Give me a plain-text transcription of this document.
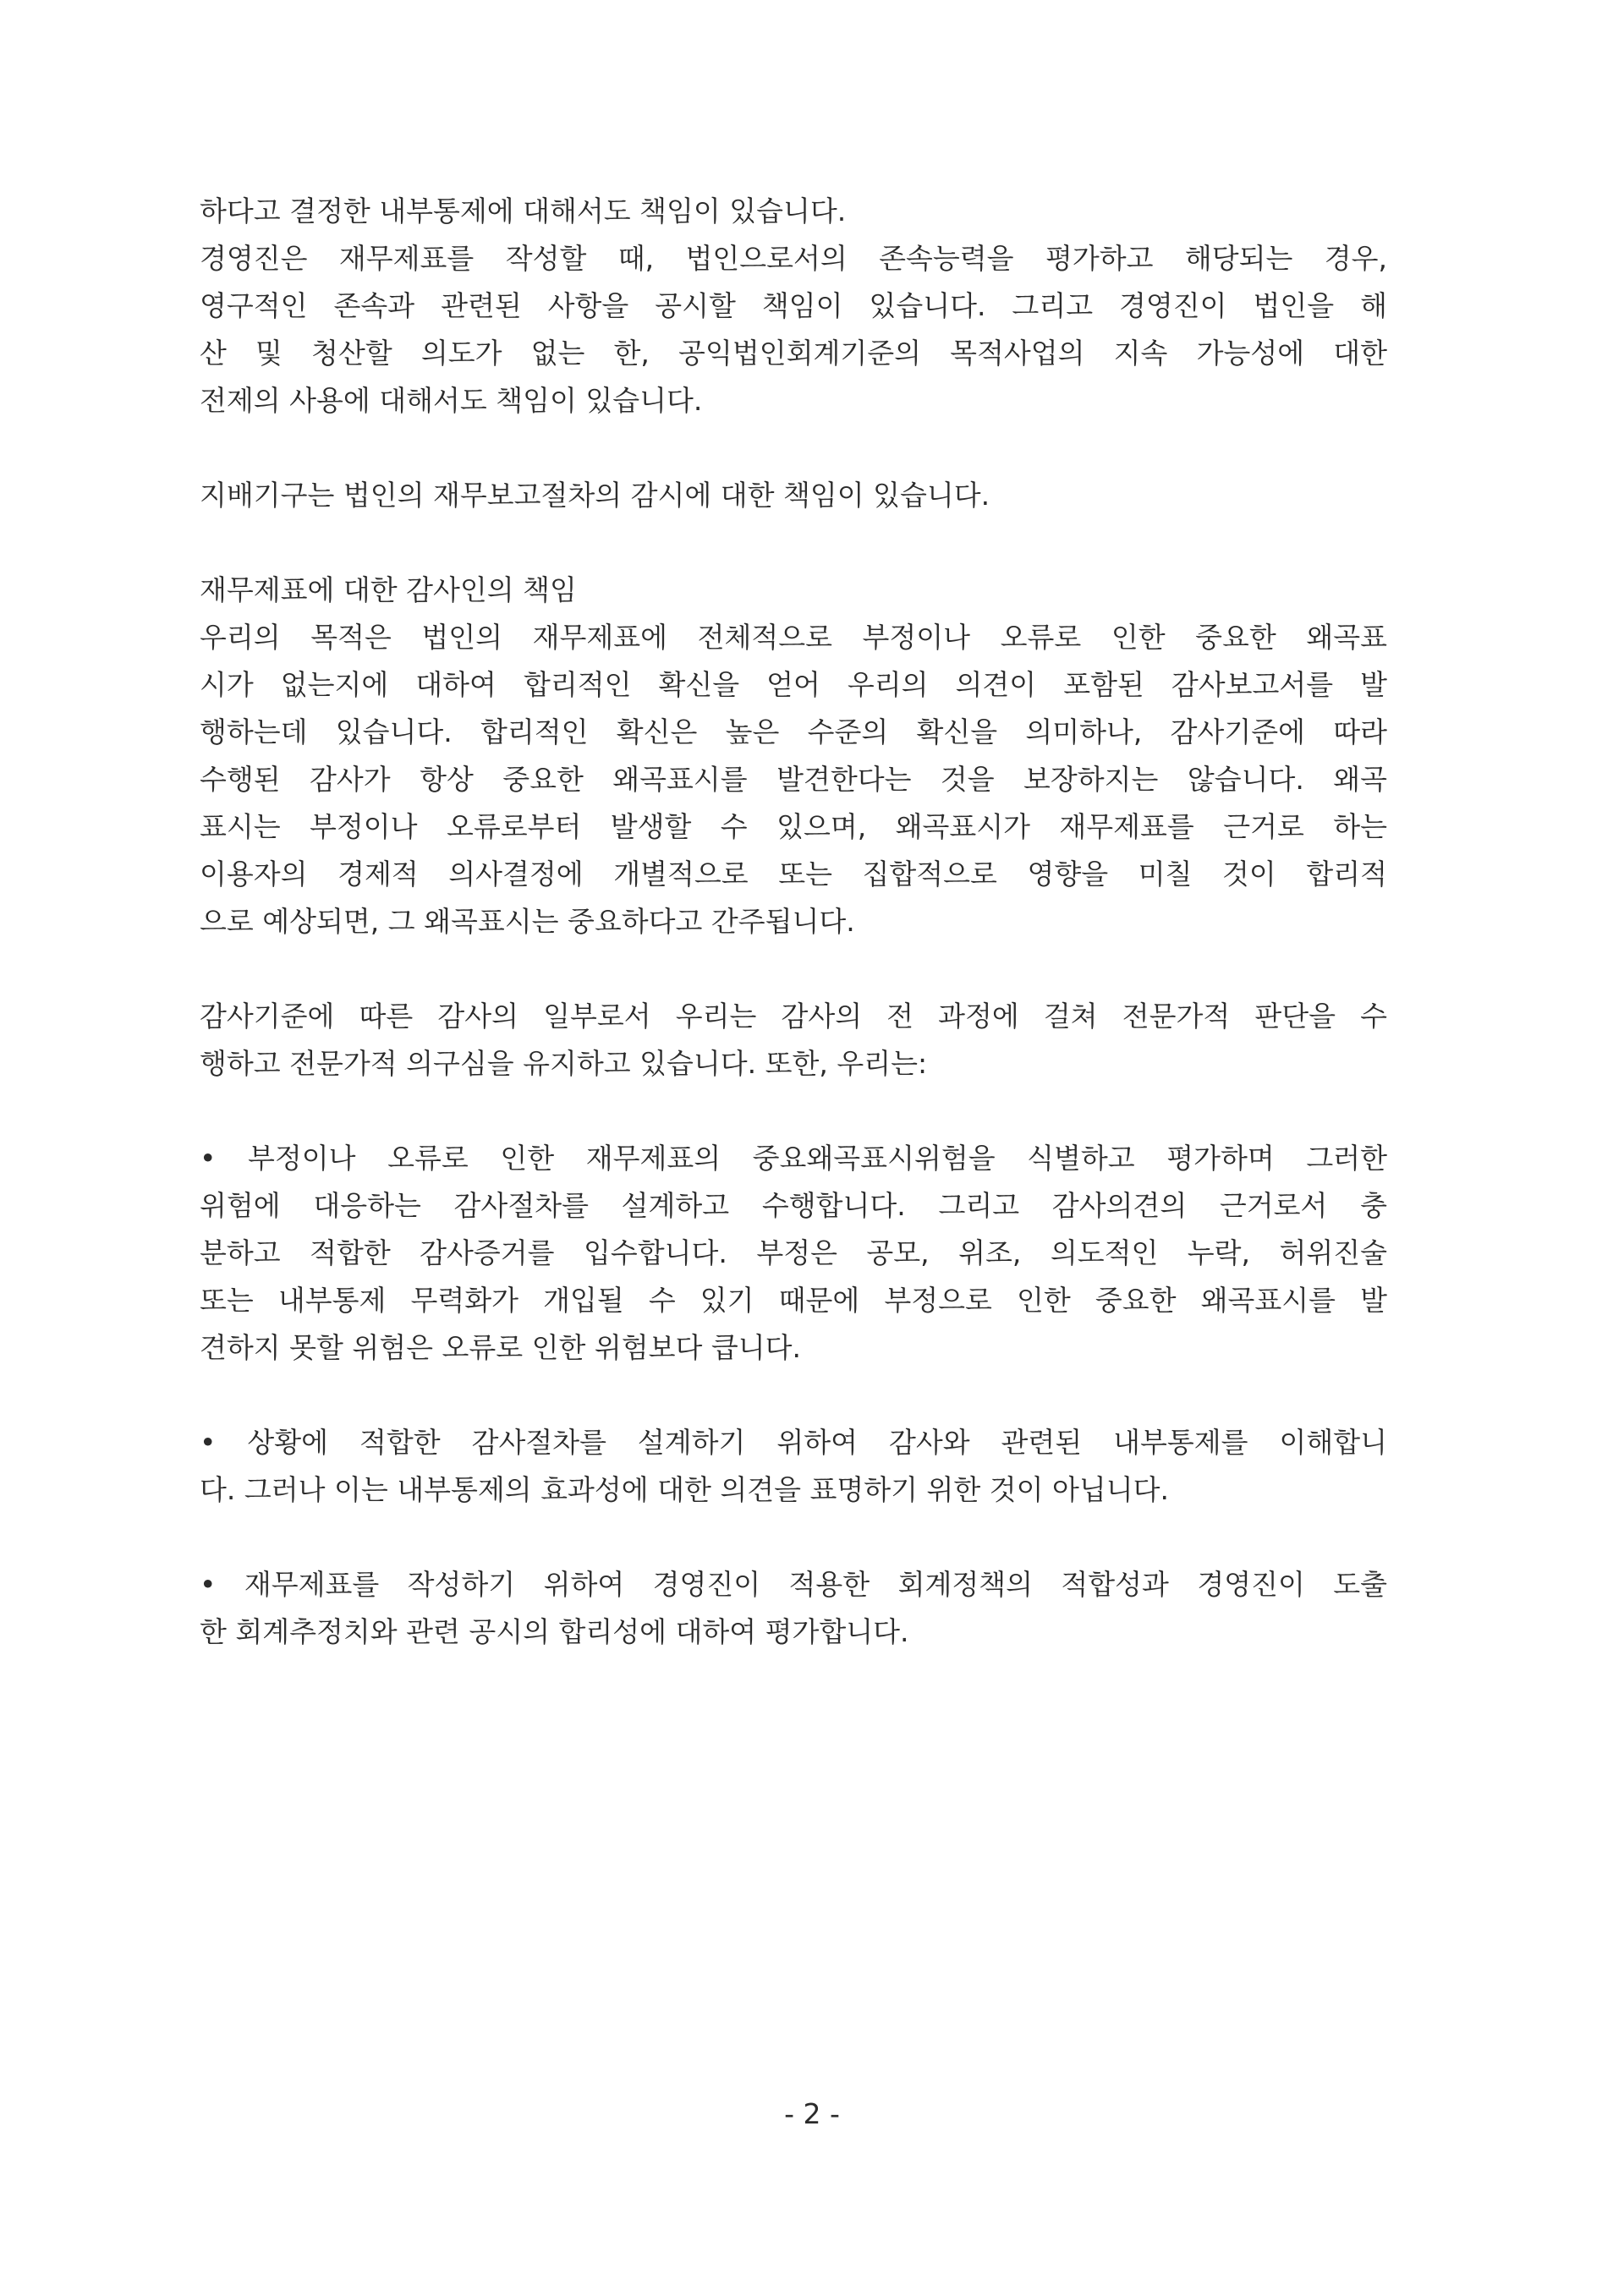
하다고 결정한 내부통제에 대해서도 책임이 있습니다.

경영진은 재무제표를 작성할 때, 법인으로서의 존속능력을 평가하고 해당되는 경우,
영구적인 존속과 관련된 사항을 공시할 책임이 있습니다. 그리고 경영진이 법인을 해
산 및 청산할 의도가 없는 한, 공익법인회계기준의 목적사업의 지속 가능성에 대한
전제의 사용에 대해서도 책임이 있습니다.

지배기구는 법인의 재무보고절차의 감시에 대한 책임이 있습니다.

재무제표에 대한 감사인의 책임

우리의 목적은 법인의 재무제표에 전체적으로 부정이나 오류로 인한 중요한 왜곡표
시가 없는지에 대하여 합리적인 확신을 얻어 우리의 의견이 포함된 감사보고서를 발
행하는데 있습니다. 합리적인 확신은 높은 수준의 확신을 의미하나, 감사기준에 따라
수행된 감사가 항상 중요한 왜곡표시를 발견한다는 것을 보장하지는 않습니다. 왜곡
표시는 부정이나 오류로부터 발생할 수 있으며, 왜곡표시가 재무제표를 근거로 하는
이용자의 경제적 의사결정에 개별적으로 또는 집합적으로 영향을 미칠 것이 합리적
으로 예상되면, 그 왜곡표시는 중요하다고 간주됩니다.

감사기준에 따른 감사의 일부로서 우리는 감사의 전 과정에 걸쳐 전문가적 판단을 수
행하고 전문가적 의구심을 유지하고 있습니다. 또한, 우리는:

• 부정이나 오류로 인한 재무제표의 중요왜곡표시위험을 식별하고 평가하며 그러한
위험에 대응하는 감사절차를 설계하고 수행합니다. 그리고 감사의견의 근거로서 충
분하고 적합한 감사증거를 입수합니다. 부정은 공모, 위조, 의도적인 누락, 허위진술
또는 내부통제 무력화가 개입될 수 있기 때문에 부정으로 인한 중요한 왜곡표시를 발
견하지 못할 위험은 오류로 인한 위험보다 큽니다.

• 상황에 적합한 감사절차를 설계하기 위하여 감사와 관련된 내부통제를 이해합니
다. 그러나 이는 내부통제의 효과성에 대한 의견을 표명하기 위한 것이 아닙니다.

• 재무제표를 작성하기 위하여 경영진이 적용한 회계정책의 적합성과 경영진이 도출
한 회계추정치와 관련 공시의 합리성에 대하여 평가합니다.

- 2 -
